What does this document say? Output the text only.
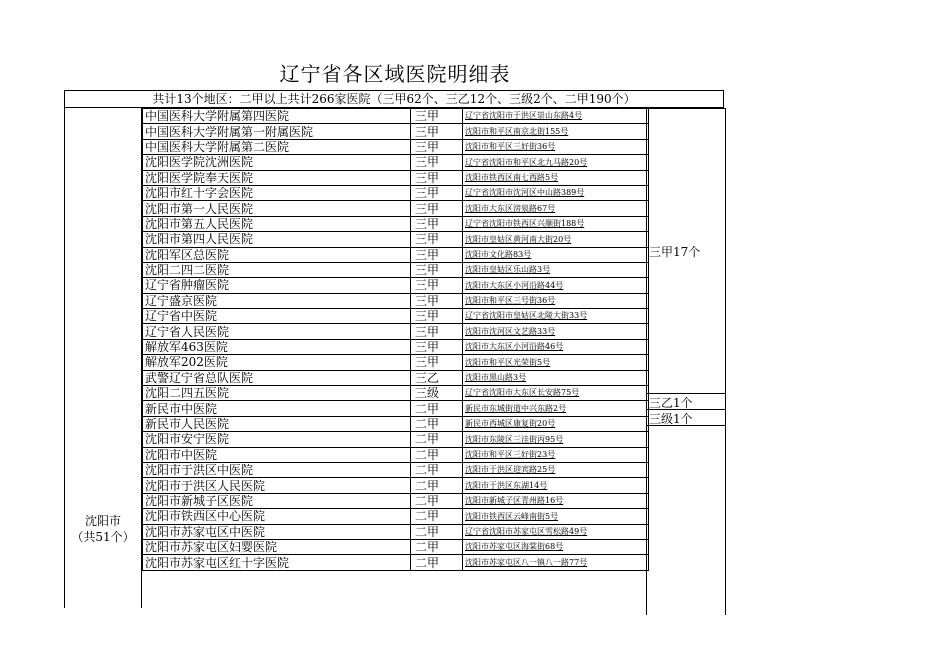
辽宁省各区域医院明细表
共计13个地区：二甲以上共计266家医院（三甲62个、三乙12个、三级2个、二甲190个）
沈阳市
（共51个）
中国医科大学附属第四医院	三甲	辽宁省沈阳市于洪区崇山东路4号
中国医科大学附属第一附属医院	三甲	沈阳市和平区南京北街155号
中国医科大学附属第二医院	三甲	沈阳市和平区三好街36号
沈阳医学院沈洲医院	三甲	辽宁省沈阳市和平区北九马路20号
沈阳医学院奉天医院	三甲	沈阳市铁西区南七西路5号
沈阳市红十字会医院	三甲	辽宁省沈阳市沈河区中山路389号
沈阳市第一人民医院	三甲	沈阳市大东区滂泉路67号
沈阳市第五人民医院	三甲	辽宁省沈阳市铁西区兴顺街188号
沈阳市第四人民医院	三甲	沈阳市皇姑区黄河南大街20号
沈阳军区总医院	三甲	沈阳市文化路83号
沈阳二四二医院	三甲	沈阳市皇姑区乐山路3号
辽宁省肿瘤医院	三甲	沈阳市大东区小河沿路44号
辽宁盛京医院	三甲	沈阳市和平区三号街36号
辽宁省中医院	三甲	辽宁省沈阳市皇姑区北陵大街33号
辽宁省人民医院	三甲	沈阳市沈河区文艺路33号
解放军463医院	三甲	沈阳市大东区小河沿路46号
解放军202医院	三甲	沈阳市和平区光荣街5号
武警辽宁省总队医院	三乙	沈阳市黑山路3号
沈阳二四五医院	三级	辽宁省沈阳市大东区长安路75号
新民市中医院	二甲	新民市东城街道中兴东路2号
新民市人民医院	二甲	新民市西城区康复街20号
沈阳市安宁医院	二甲	沈阳市东陵区三洼街丙95号
沈阳市中医院	二甲	沈阳市和平区三好街23号
沈阳市于洪区中医院	二甲	沈阳市于洪区迎宾路25号
沈阳市于洪区人民医院	二甲	沈阳市于洪区东湖14号
沈阳市新城子区医院	二甲	沈阳市新城子区青州路16号
沈阳市铁西区中心医院	二甲	沈阳市铁西区云峰南街5号
沈阳市苏家屯区中医院	二甲	辽宁省沈阳市苏家屯区雪松路49号
沈阳市苏家屯区妇婴医院	二甲	沈阳市苏家屯区海棠街68号
沈阳市苏家屯区红十字医院	二甲	沈阳市苏家屯区八一镇八一路77号
三甲17个
三乙1个
三级1个
